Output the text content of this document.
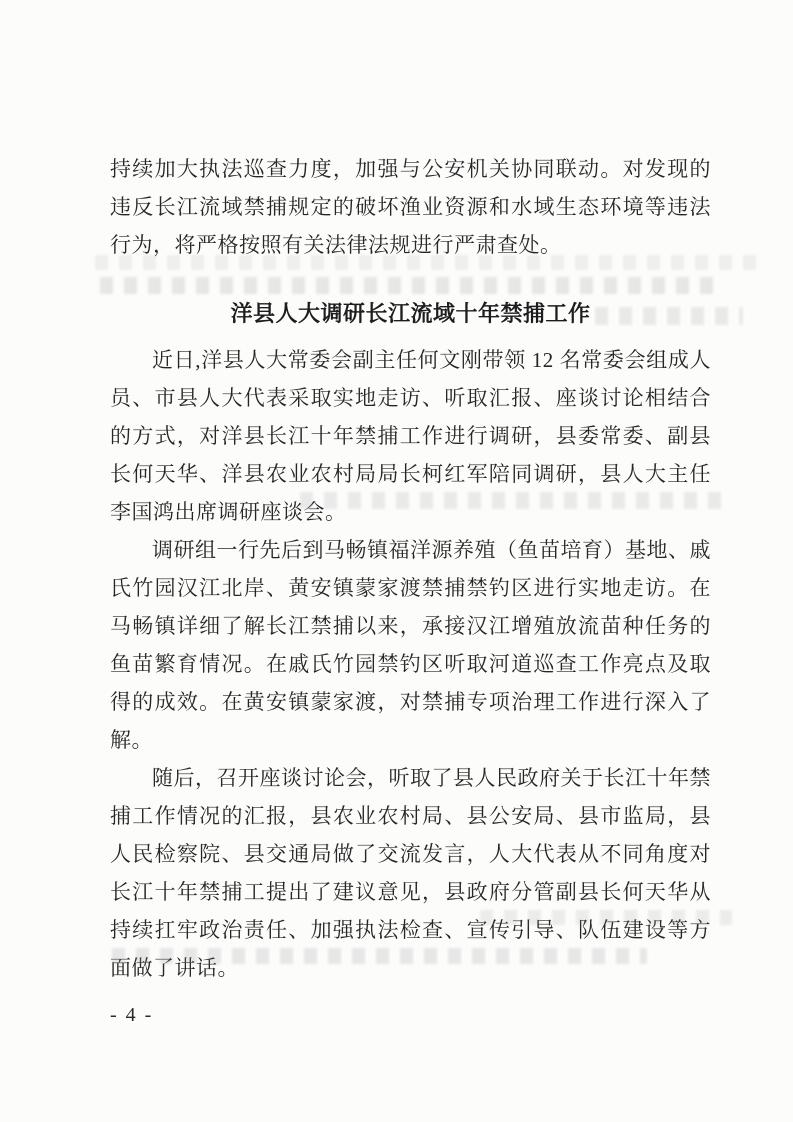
持续加大执法巡查力度，加强与公安机关协同联动。对发现的违反长江流域禁捕规定的破坏渔业资源和水域生态环境等违法行为，将严格按照有关法律法规进行严肃查处。

洋县人大调研长江流域十年禁捕工作

近日,洋县人大常委会副主任何文刚带领 12 名常委会组成人员、市县人大代表采取实地走访、听取汇报、座谈讨论相结合的方式，对洋县长江十年禁捕工作进行调研，县委常委、副县长何天华、洋县农业农村局局长柯红军陪同调研，县人大主任李国鸿出席调研座谈会。

调研组一行先后到马畅镇福洋源养殖（鱼苗培育）基地、戚氏竹园汉江北岸、黄安镇蒙家渡禁捕禁钓区进行实地走访。在马畅镇详细了解长江禁捕以来，承接汉江增殖放流苗种任务的鱼苗繁育情况。在戚氏竹园禁钓区听取河道巡查工作亮点及取得的成效。在黄安镇蒙家渡，对禁捕专项治理工作进行深入了解。

随后，召开座谈讨论会，听取了县人民政府关于长江十年禁捕工作情况的汇报，县农业农村局、县公安局、县市监局，县人民检察院、县交通局做了交流发言，人大代表从不同角度对长江十年禁捕工提出了建议意见，县政府分管副县长何天华从持续扛牢政治责任、加强执法检查、宣传引导、队伍建设等方面做了讲话。

- 4 -
